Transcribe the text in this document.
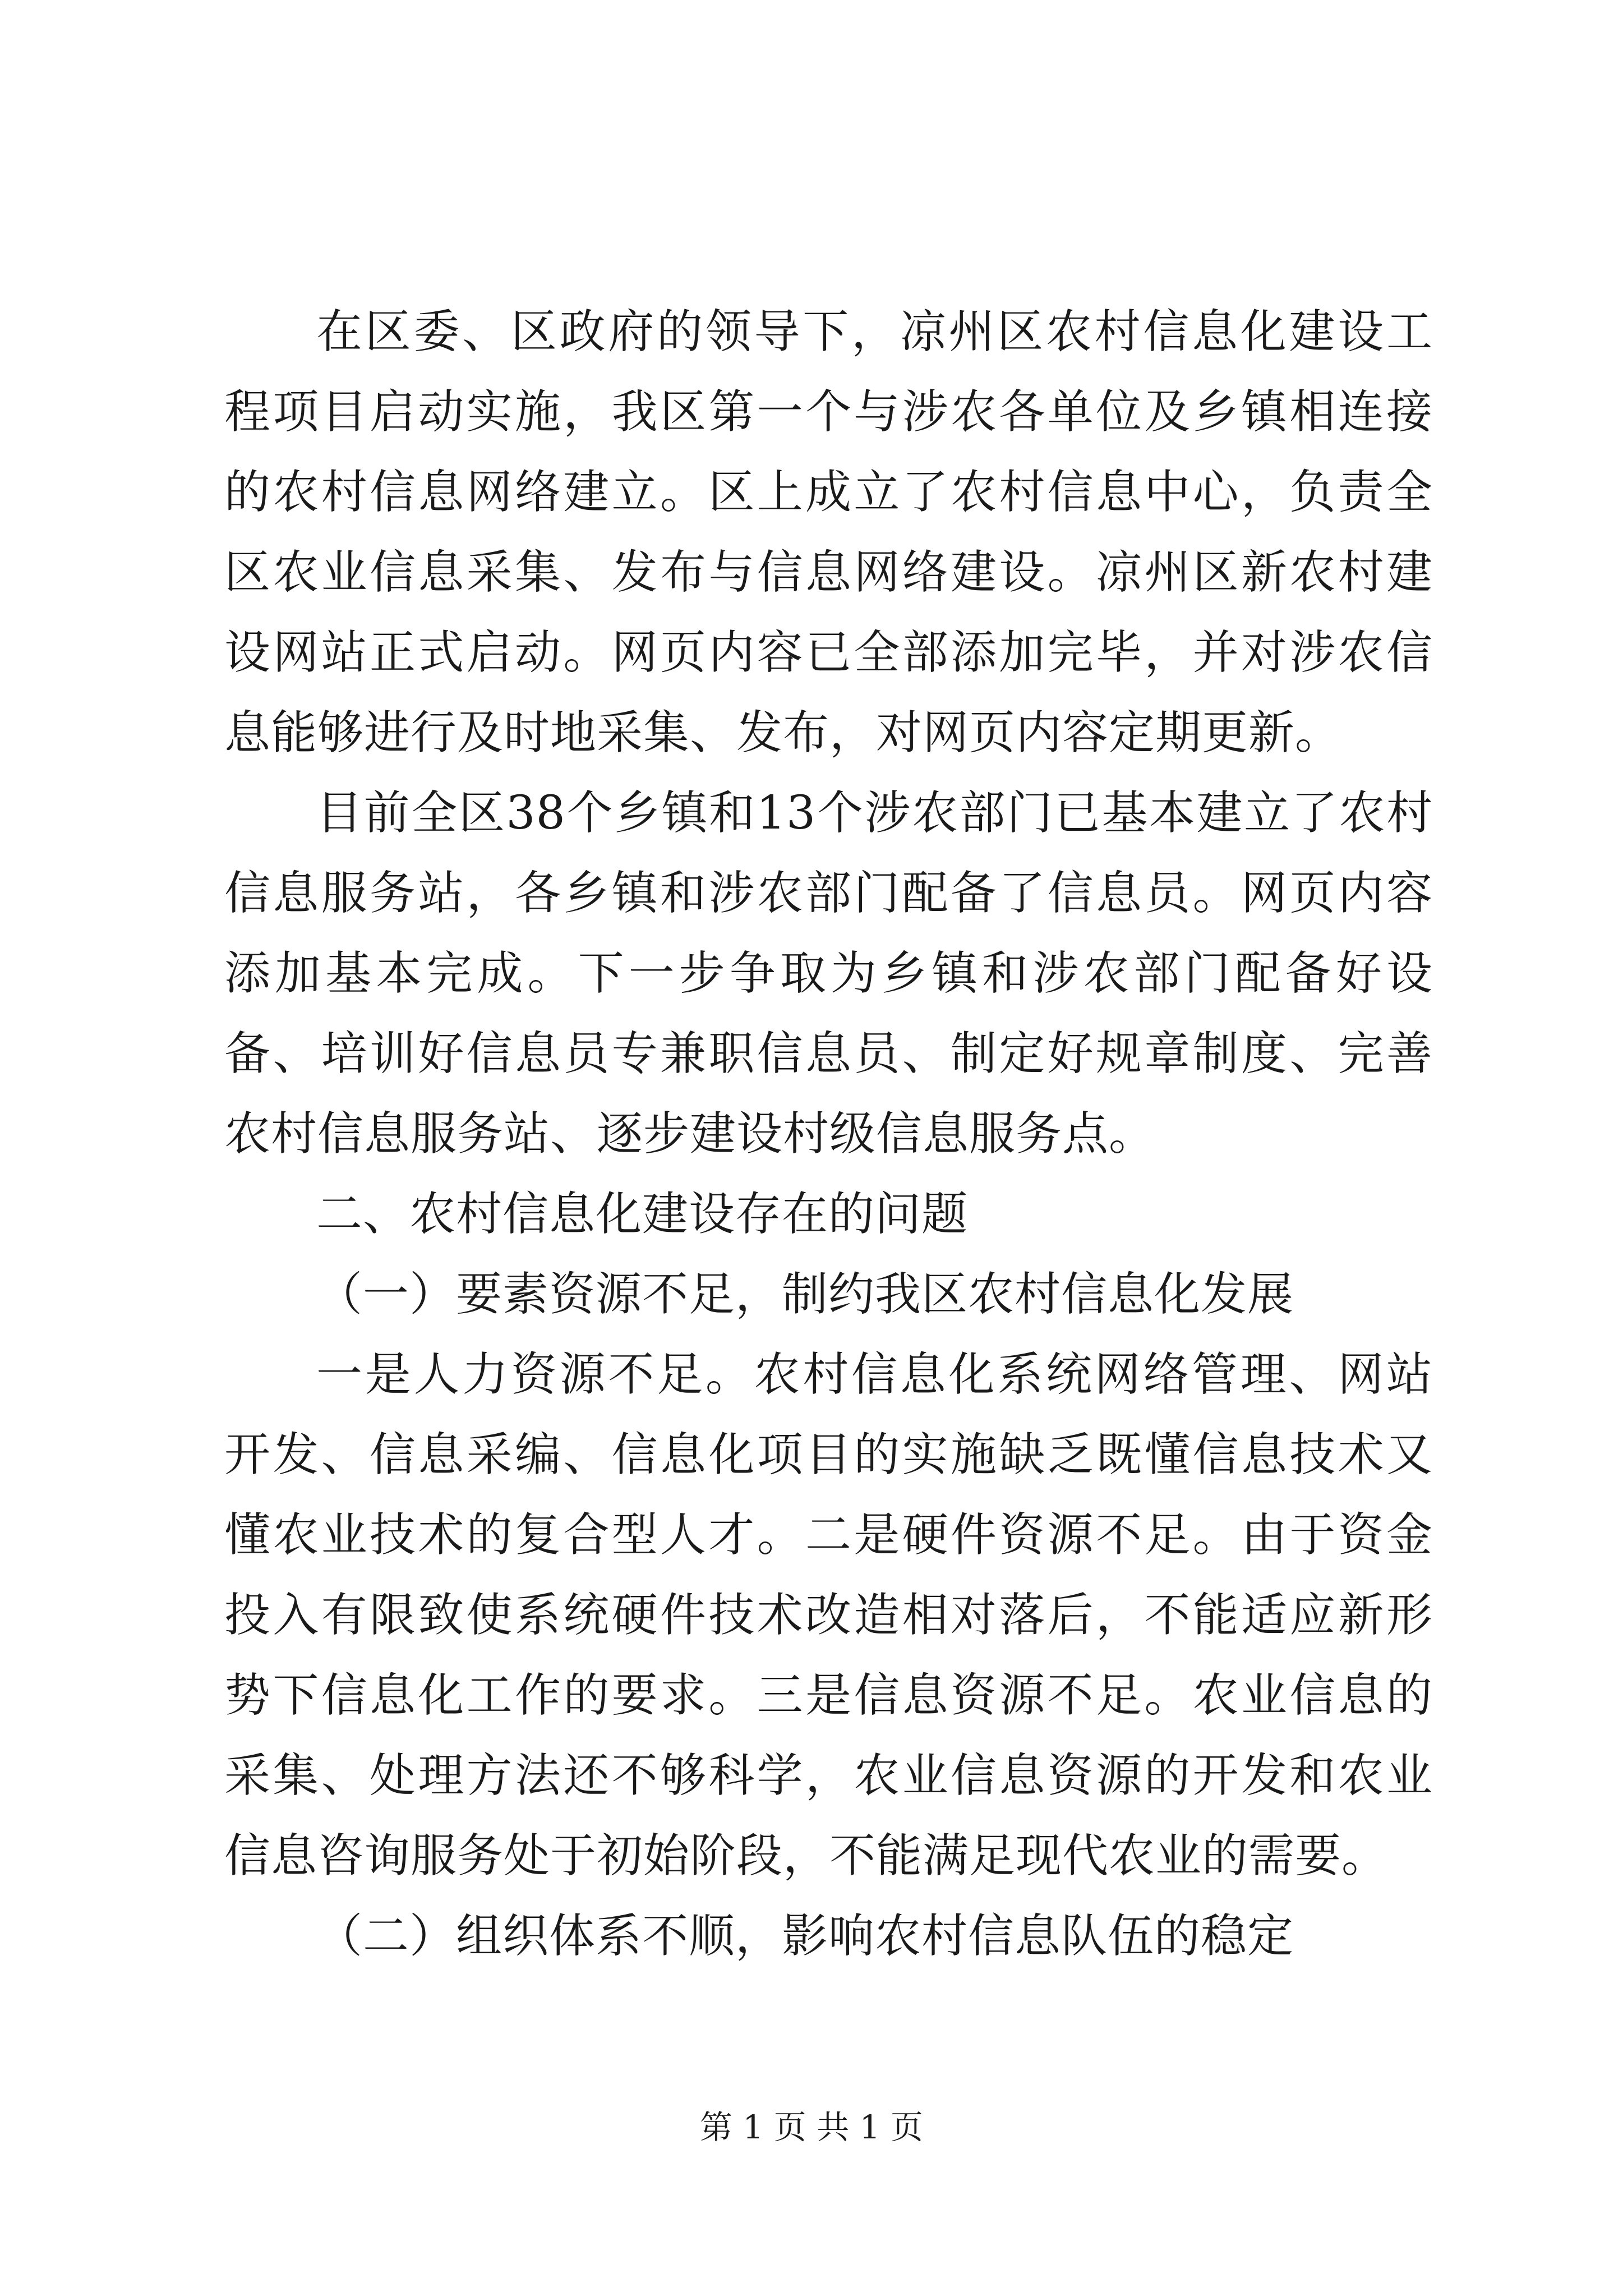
在区委、区政府的领导下，凉州区农村信息化建设工程项目启动实施，我区第一个与涉农各单位及乡镇相连接的农村信息网络建立。区上成立了农村信息中心，负责全区农业信息采集、发布与信息网络建设。凉州区新农村建设网站正式启动。网页内容已全部添加完毕，并对涉农信息能够进行及时地采集、发布，对网页内容定期更新。

目前全区38个乡镇和13个涉农部门已基本建立了农村信息服务站，各乡镇和涉农部门配备了信息员。网页内容添加基本完成。下一步争取为乡镇和涉农部门配备好设备、培训好信息员专兼职信息员、制定好规章制度、完善农村信息服务站、逐步建设村级信息服务点。

二、农村信息化建设存在的问题

（一）要素资源不足，制约我区农村信息化发展

一是人力资源不足。农村信息化系统网络管理、网站开发、信息采编、信息化项目的实施缺乏既懂信息技术又懂农业技术的复合型人才。二是硬件资源不足。由于资金投入有限致使系统硬件技术改造相对落后，不能适应新形势下信息化工作的要求。三是信息资源不足。农业信息的采集、处理方法还不够科学，农业信息资源的开发和农业信息咨询服务处于初始阶段，不能满足现代农业的需要。

（二）组织体系不顺，影响农村信息队伍的稳定

第 1 页 共 1 页
